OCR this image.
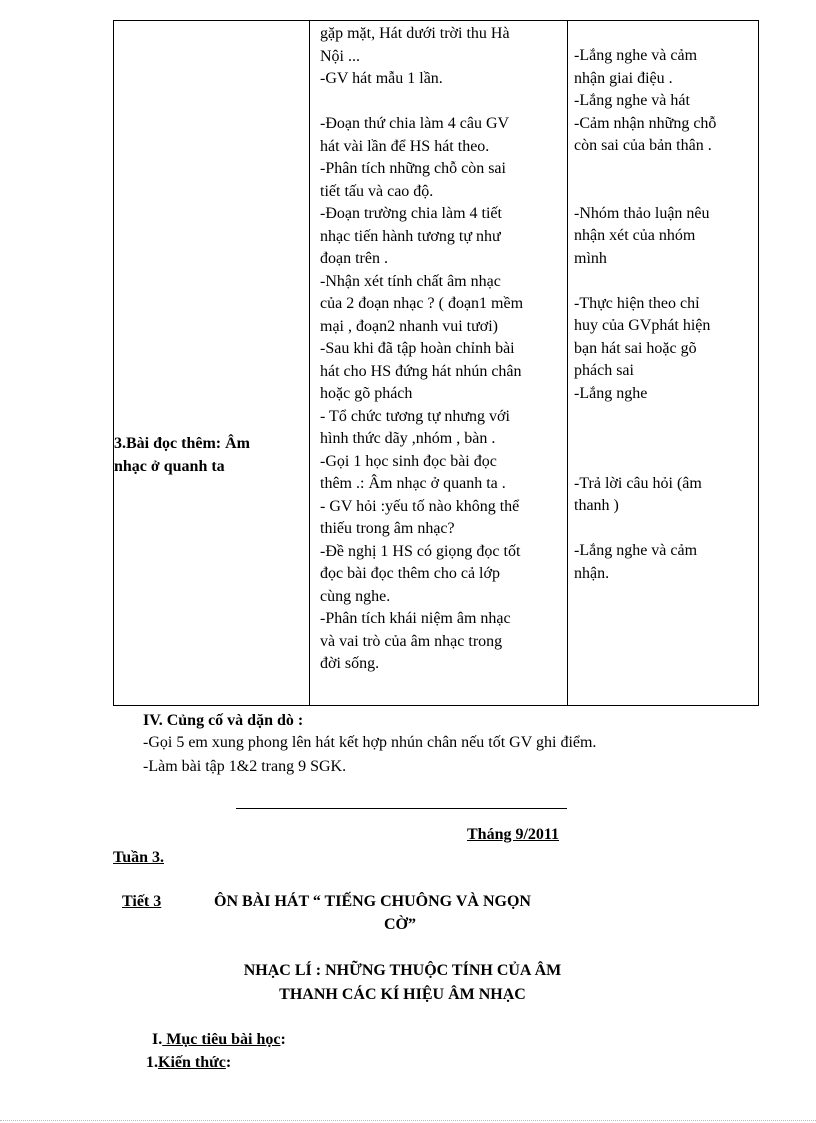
3.Bài đọc thêm: Âm

nhạc ở quanh ta

gặp mặt, Hát dưới trời thu Hà

Nội ...

-GV hát mẫu 1 lần.

-Đoạn thứ chia làm 4 câu GV

hát vài lần để HS hát theo.

-Phân tích những chỗ còn sai

tiết tấu và cao độ.

-Đoạn trường chia làm 4 tiết

nhạc tiến hành tương tự như

đoạn trên .

-Nhận xét tính chất âm nhạc

của 2 đoạn nhạc ? ( đoạn1 mềm

mại , đoạn2 nhanh vui tươi)

-Sau khi đã tập hoàn chỉnh bài

hát cho HS đứng hát nhún chân

hoặc gõ phách

- Tổ chức tương tự nhưng với

hình thức dãy ,nhóm , bàn .

-Gọi 1 học sinh đọc bài đọc

thêm .: Âm nhạc ở quanh ta .

- GV hỏi :yếu tố nào không thể

thiếu trong âm nhạc?

-Đề nghị 1 HS có giọng đọc tốt

đọc bài đọc thêm cho cả lớp

cùng nghe.

-Phân tích khái niệm âm nhạc

và vai trò của âm nhạc trong

đời sống.

-Lắng nghe và cảm

nhận giai điệu .

-Lắng nghe và hát

-Cảm nhận những chỗ

còn sai của bản thân .

-Nhóm thảo luận nêu

nhận xét của nhóm

mình

-Thực hiện theo chỉ

huy của GVphát hiện

bạn hát sai hoặc gõ

phách sai

-Lắng nghe

-Trả lời câu hỏi (âm

thanh )

-Lắng nghe và cảm

nhận.

IV. Củng cố và dặn dò :

-Gọi 5 em xung phong lên hát kết hợp nhún chân nếu tốt GV ghi điểm.

-Làm bài tập 1&2 trang 9 SGK.

Tháng 9/2011

Tuần 3.

Tiết 3	ÔN BÀI HÁT “ TIẾNG CHUÔNG VÀ NGỌN

CỜ”

NHẠC LÍ : NHỮNG THUỘC TÍNH CỦA ÂM

THANH CÁC KÍ HIỆU ÂM NHẠC

I. Mục tiêu bài học:

1.Kiến thức:
